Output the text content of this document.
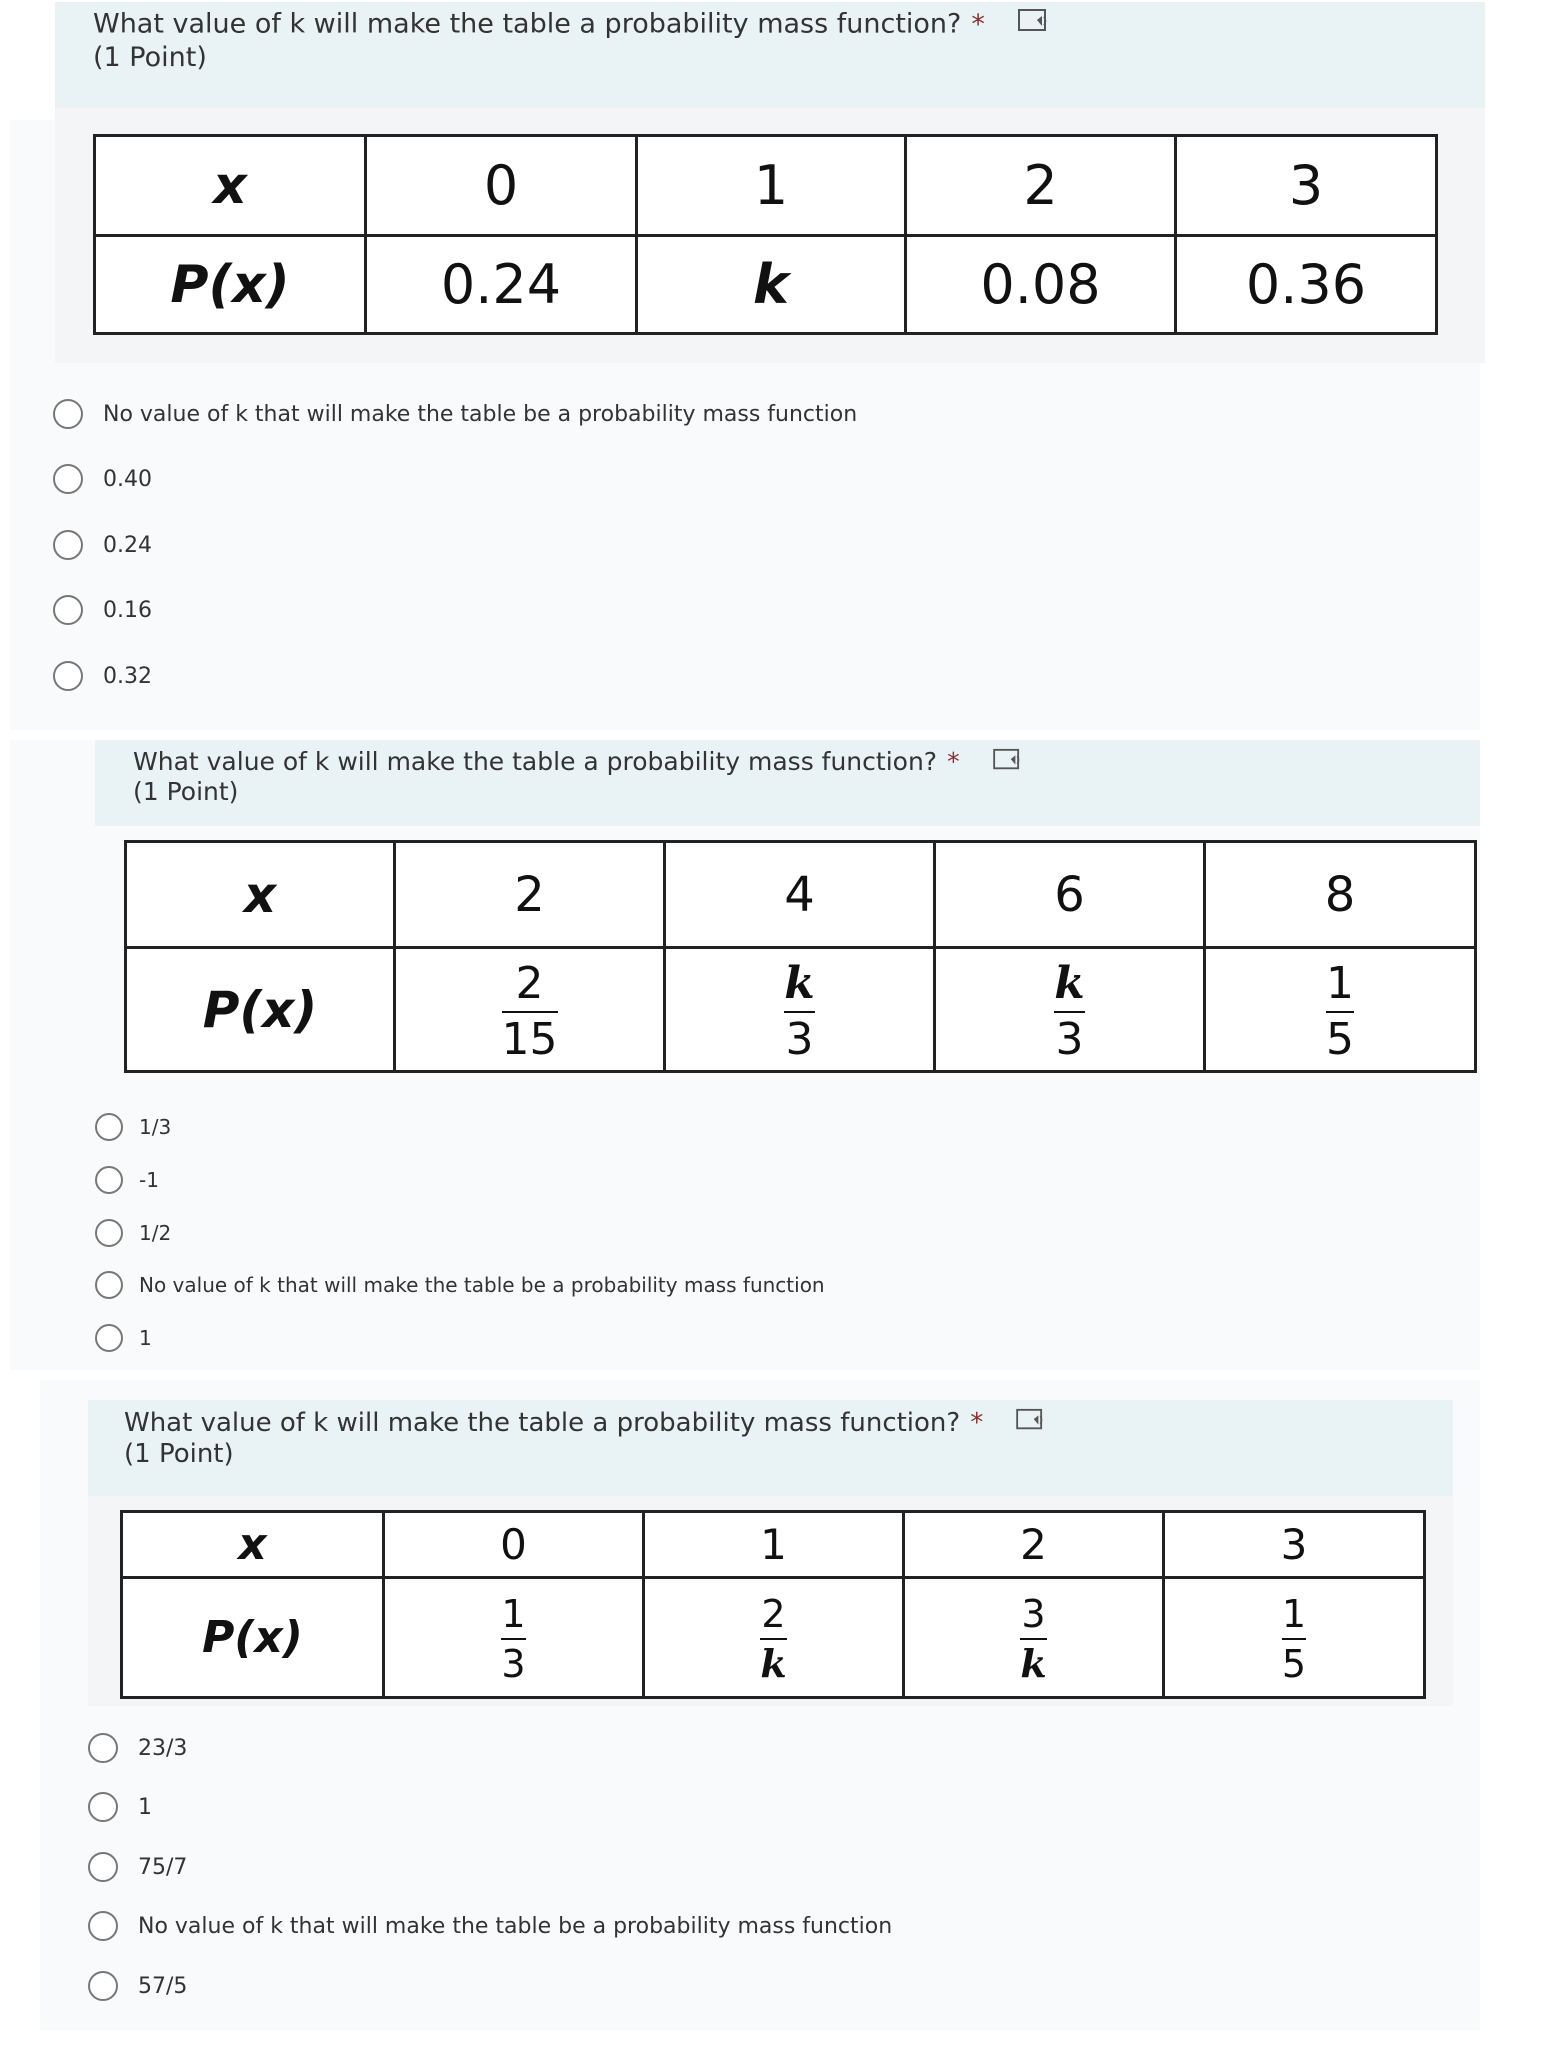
What value of k will make the table a probability mass function? *
(1 Point)
x	0	1	2	3
P(x)	0.24	k	0.08	0.36
No value of k that will make the table be a probability mass function
0.40
0.24
0.16
0.32
What value of k will make the table a probability mass function? *
(1 Point)
x	2	4	6	8
P(x)	$\frac{2}{15}$	$\frac{k}{3}$	$\frac{k}{3}$	$\frac{1}{5}$
1/3
-1
1/2
No value of k that will make the table be a probability mass function
1
What value of k will make the table a probability mass function? *
(1 Point)
x	0	1	2	3
P(x)	$\frac{1}{3}$	$\frac{2}{k}$	$\frac{3}{k}$	$\frac{1}{5}$
23/3
1
75/7
No value of k that will make the table be a probability mass function
57/5
